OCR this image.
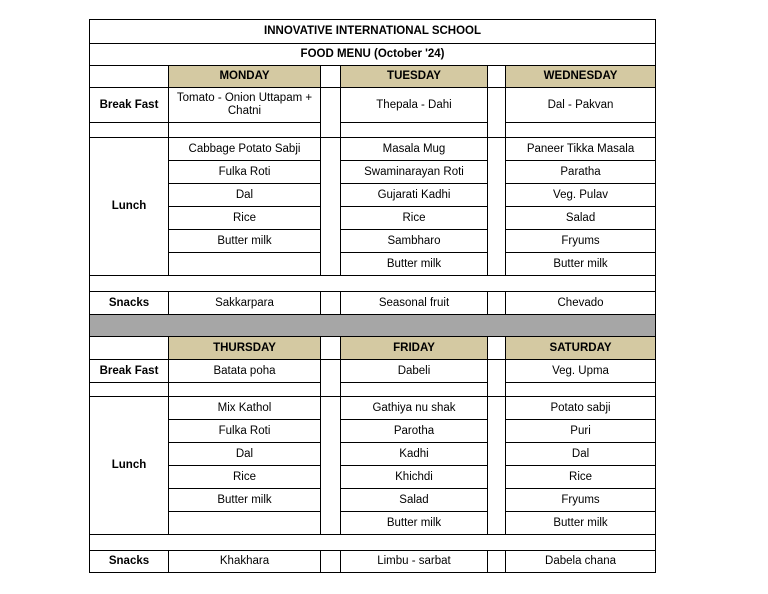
INNOVATIVE INTERNATIONAL SCHOOL					
FOOD MENU (October '24)					
	MONDAY		TUESDAY		WEDNESDAY
Break Fast	Tomato - Onion Uttapam + Chatni		Thepala - Dahi		Dal - Pakvan

Lunch	Cabbage Potato Sabji		Masala Mug		Paneer Tikka Masala
	Fulka Roti		Swaminarayan Roti		Paratha
	Dal		Gujarati Kadhi		Veg. Pulav
	Rice		Rice		Salad
	Butter milk		Sambharo		Fryums
			Butter milk		Butter milk

Snacks	Sakkarpara		Seasonal fruit		Chevado

	THURSDAY		FRIDAY		SATURDAY
Break Fast	Batata poha		Dabeli		Veg. Upma

Lunch	Mix Kathol		Gathiya nu shak		Potato sabji
	Fulka Roti		Parotha		Puri
	Dal		Kadhi		Dal
	Rice		Khichdi		Rice
	Butter milk		Salad		Fryums
			Butter milk		Butter milk

Snacks	Khakhara		Limbu - sarbat		Dabela chana
